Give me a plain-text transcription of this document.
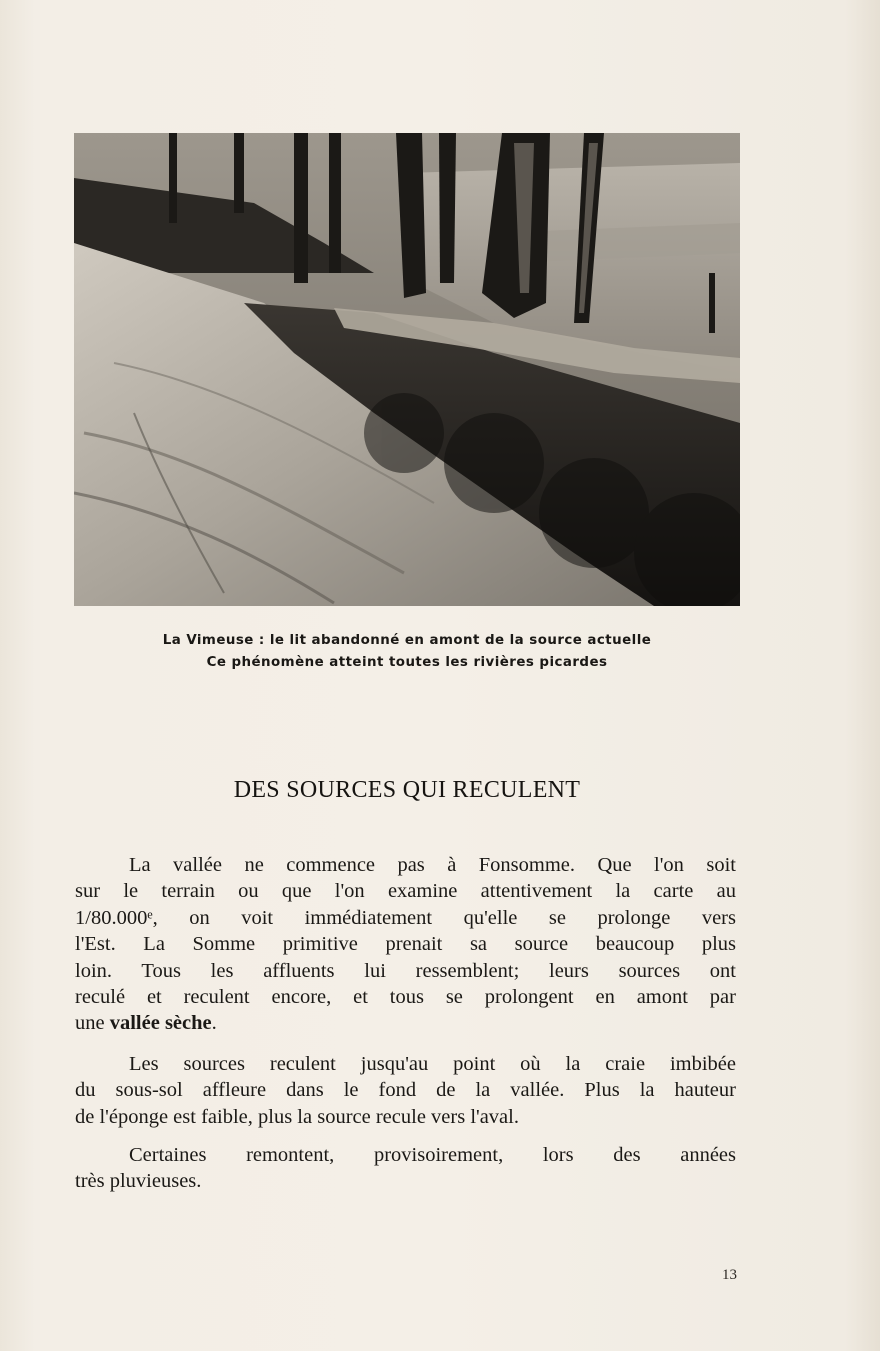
La Vimeuse : le lit abandonné en amont de la source actuelle
Ce phénomène atteint toutes les rivières picardes
DES SOURCES QUI RECULENT
La vallée ne commence pas à Fonsomme. Que l'on soit
sur le terrain ou que l'on examine attentivement la carte au
1/80.000ᵉ, on voit immédiatement qu'elle se prolonge vers
l'Est. La Somme primitive prenait sa source beaucoup plus
loin. Tous les affluents lui ressemblent; leurs sources ont
reculé et reculent encore, et tous se prolongent en amont par
une vallée sèche.
Les sources reculent jusqu'au point où la craie imbibée
du sous-sol affleure dans le fond de la vallée. Plus la hauteur
de l'éponge est faible, plus la source recule vers l'aval.
Certaines remontent, provisoirement, lors des années
très pluvieuses.
13
